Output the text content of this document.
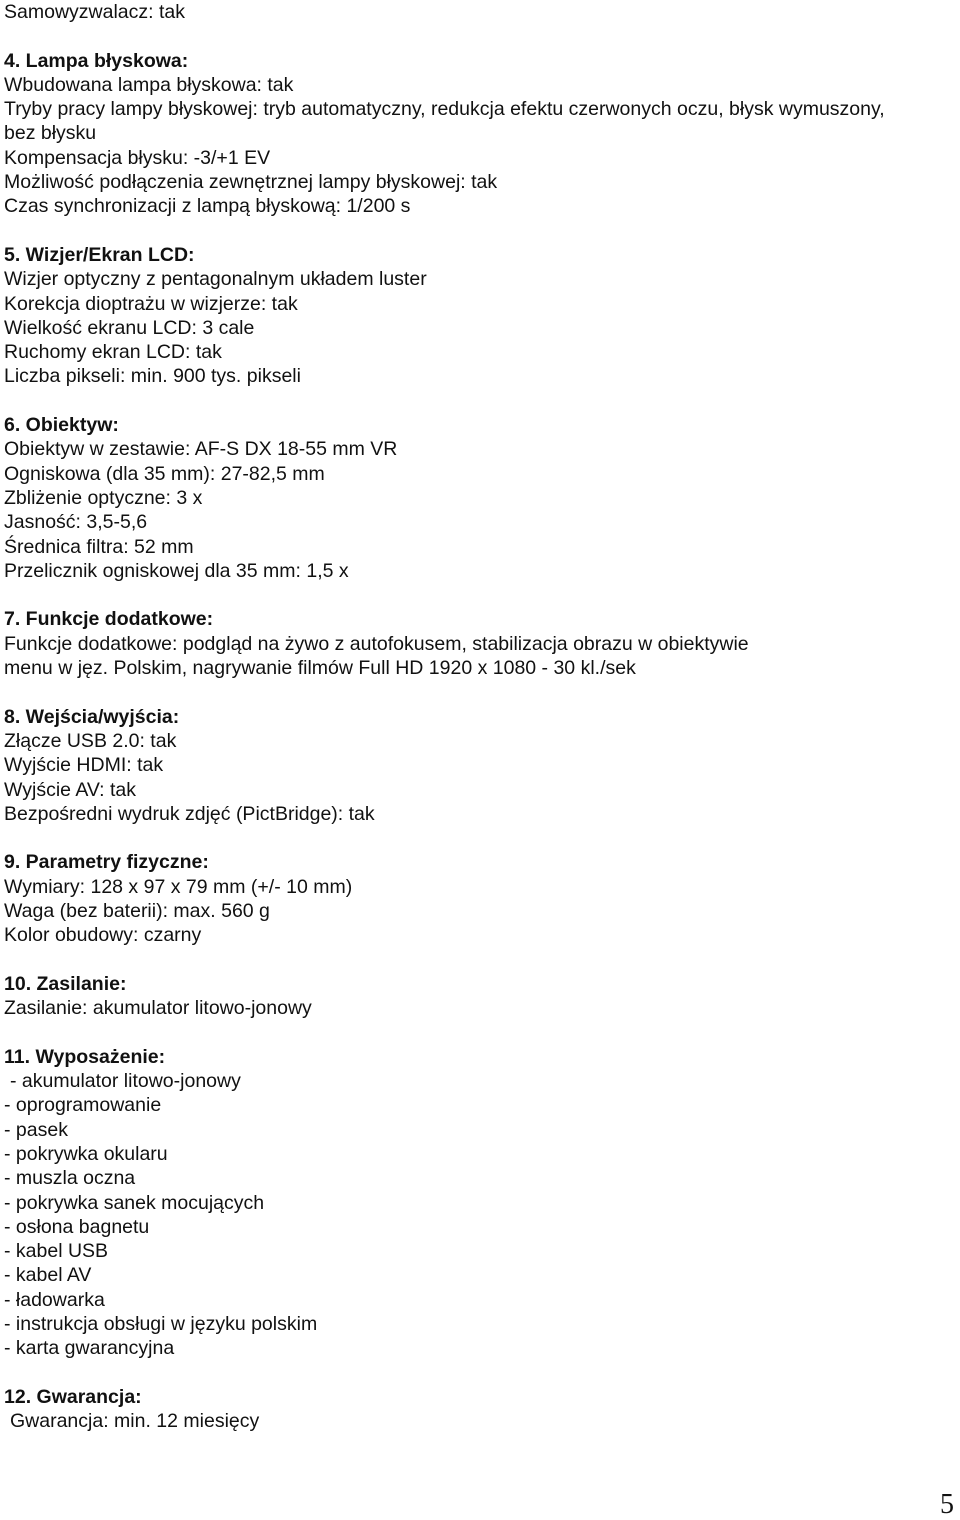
Samowyzwalacz: tak
4. Lampa błyskowa:
Wbudowana lampa błyskowa: tak
Tryby pracy lampy błyskowej: tryb automatyczny, redukcja efektu czerwonych oczu, błysk wymuszony,
bez błysku
Kompensacja błysku: -3/+1 EV
Możliwość podłączenia zewnętrznej lampy błyskowej: tak
Czas synchronizacji z lampą błyskową: 1/200 s
5. Wizjer/Ekran LCD:
Wizjer optyczny z pentagonalnym układem luster
Korekcja dioptrażu w wizjerze: tak
Wielkość ekranu LCD: 3 cale
Ruchomy ekran LCD: tak
Liczba pikseli: min. 900 tys. pikseli
6. Obiektyw:
Obiektyw w zestawie: AF-S DX 18-55 mm VR
Ogniskowa (dla 35 mm): 27-82,5 mm
Zbliżenie optyczne: 3 x
Jasność: 3,5-5,6
Średnica filtra: 52 mm
Przelicznik ogniskowej dla 35 mm: 1,5 x
7. Funkcje dodatkowe:
Funkcje dodatkowe: podgląd na żywo z autofokusem, stabilizacja obrazu w obiektywie
menu w jęz. Polskim, nagrywanie filmów Full HD 1920 x 1080 - 30 kl./sek
8. Wejścia/wyjścia:
Złącze USB 2.0: tak
Wyjście HDMI: tak
Wyjście AV: tak
Bezpośredni wydruk zdjęć (PictBridge): tak
9. Parametry fizyczne:
Wymiary: 128 x 97 x 79 mm (+/- 10 mm)
Waga (bez baterii): max. 560 g
Kolor obudowy: czarny
10. Zasilanie:
Zasilanie: akumulator litowo-jonowy
11. Wyposażenie:
- akumulator litowo-jonowy
- oprogramowanie
- pasek
- pokrywka okularu
- muszla oczna
- pokrywka sanek mocujących
- osłona bagnetu
- kabel USB
- kabel AV
- ładowarka
- instrukcja obsługi w języku polskim
- karta gwarancyjna
12. Gwarancja:
Gwarancja: min. 12 miesięcy
5
